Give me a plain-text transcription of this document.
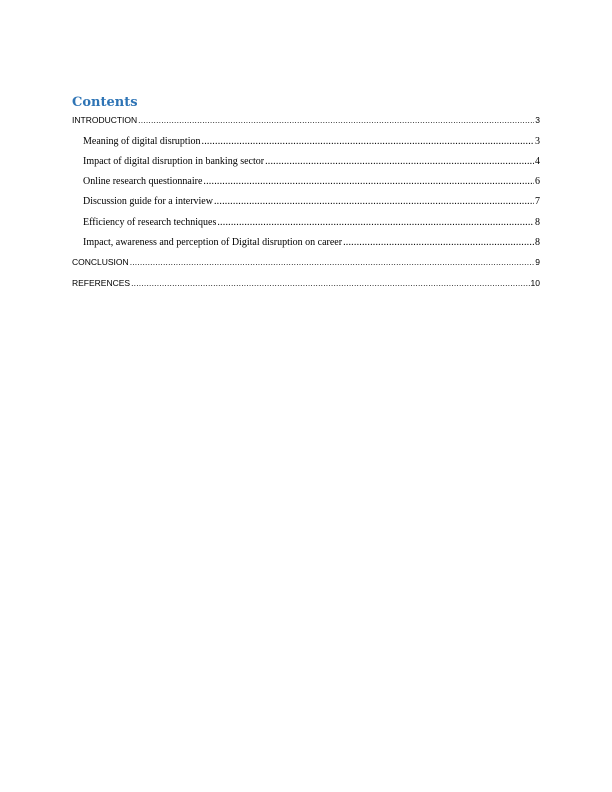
Contents
INTRODUCTION .....	3
Meaning of digital disruption .....	3
Impact of digital disruption in banking sector .....	4
Online research questionnaire .....	6
Discussion guide for a interview .....	7
Efficiency of research techniques .....	8
Impact, awareness and perception of Digital disruption on career .....	8
CONCLUSION .....	9
REFERENCES .....	10
